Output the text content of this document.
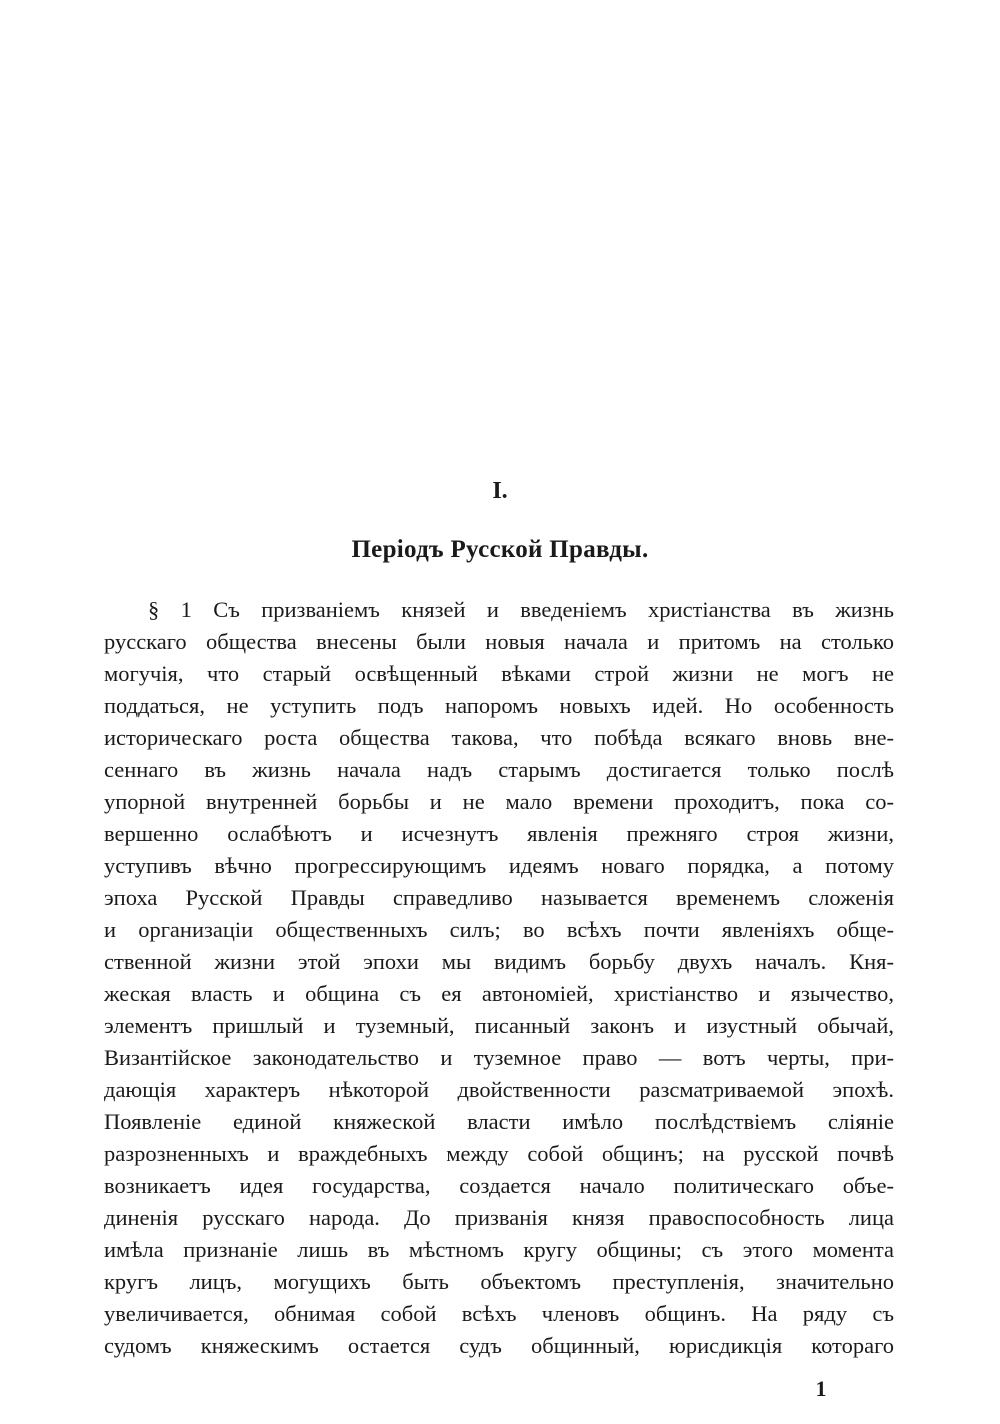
I.
Періодъ Русской Правды.
§ 1 Съ призваніемъ князей и введеніемъ христіанства въ жизнь
русскаго общества внесены были новыя начала и притомъ на столько
могучія, что старый освѣщенный вѣками строй жизни не могъ не
поддаться, не уступить подъ напоромъ новыхъ идей. Но особенность
историческаго роста общества такова, что побѣда всякаго вновь вне-
сеннаго въ жизнь начала надъ старымъ достигается только послѣ
упорной внутренней борьбы и не мало времени проходитъ, пока со-
вершенно ослабѣютъ и исчезнутъ явленія прежняго строя жизни,
уступивъ вѣчно прогрессирующимъ идеямъ новаго порядка, а потому
эпоха Русской Правды справедливо называется временемъ сложенія
и организаціи общественныхъ силъ; во всѣхъ почти явленіяхъ обще-
ственной жизни этой эпохи мы видимъ борьбу двухъ началъ. Кня-
жеская власть и община съ ея автономіей, христіанство и язычество,
элементъ пришлый и туземный, писанный законъ и изустный обычай,
Византійское законодательство и туземное право — вотъ черты, при-
дающія характеръ нѣкоторой двойственности разсматриваемой эпохѣ.
Появленіе единой княжеской власти имѣло послѣдствіемъ сліяніе
разрозненныхъ и враждебныхъ между собой общинъ; на русской почвѣ
возникаетъ идея государства, создается начало политическаго объе-
диненія русскаго народа. До призванія князя правоспособность лица
имѣла признаніе лишь въ мѣстномъ кругу общины; съ этого момента
кругъ лицъ, могущихъ быть объектомъ преступленія, значительно
увеличивается, обнимая собой всѣхъ членовъ общинъ. На ряду съ
судомъ княжескимъ остается судъ общинный, юрисдикція котораго
1
